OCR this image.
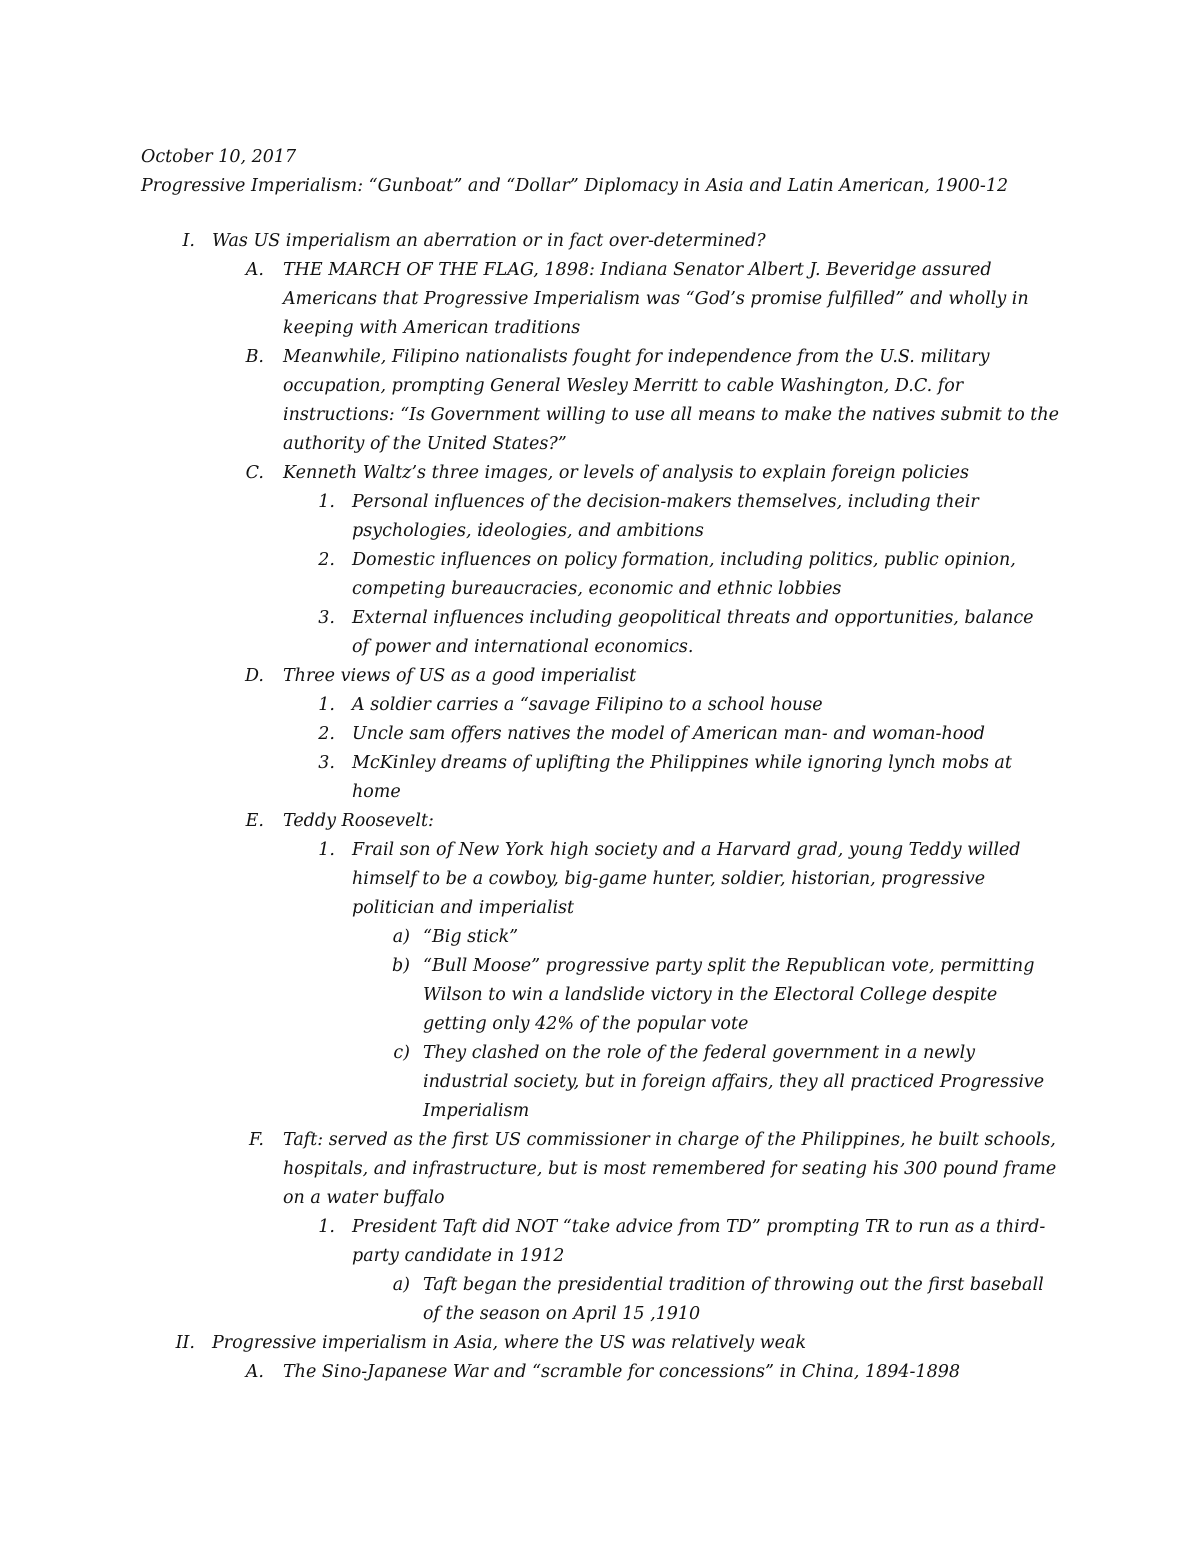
October 10, 2017
Progressive Imperialism: “Gunboat” and “Dollar” Diplomacy in Asia and Latin American, 1900-12
I. Was US imperialism an aberration or in fact over-determined?
A. THE MARCH OF THE FLAG, 1898: Indiana Senator Albert J. Beveridge assured Americans that Progressive Imperialism was “God’s promise fulfilled” and wholly in keeping with American traditions
B. Meanwhile, Filipino nationalists fought for independence from the U.S. military occupation, prompting General Wesley Merritt to cable Washington, D.C. for instructions: “Is Government willing to use all means to make the natives submit to the authority of the United States?”
C. Kenneth Waltz’s three images, or levels of analysis to explain foreign policies
1. Personal influences of the decision-makers themselves, including their psychologies, ideologies, and ambitions
2. Domestic influences on policy formation, including politics, public opinion, competing bureaucracies, economic and ethnic lobbies
3. External influences including geopolitical threats and opportunities, balance of power and international economics.
D. Three views of US as a good imperialist
1. A soldier carries a “savage Filipino to a school house
2. Uncle sam offers natives the model of American man- and woman-hood
3. McKinley dreams of uplifting the Philippines while ignoring lynch mobs at home
E. Teddy Roosevelt:
1. Frail son of New York high society and a Harvard grad, young Teddy willed himself to be a cowboy, big-game hunter, soldier, historian, progressive politician and imperialist
a) “Big stick”
b) “Bull Moose” progressive party split the Republican vote, permitting Wilson to win a landslide victory in the Electoral College despite getting only 42% of the popular vote
c) They clashed on the role of the federal government in a newly industrial society, but in foreign affairs, they all practiced Progressive Imperialism
F. Taft: served as the first US commissioner in charge of the Philippines, he built schools, hospitals, and infrastructure, but is most remembered for seating his 300 pound frame on a water buffalo
1. President Taft did NOT “take advice from TD” prompting TR to run as a third-party candidate in 1912
a) Taft began the presidential tradition of throwing out the first baseball of the season on April 15 ,1910
II. Progressive imperialism in Asia, where the US was relatively weak
A. The Sino-Japanese War and “scramble for concessions” in China, 1894-1898
